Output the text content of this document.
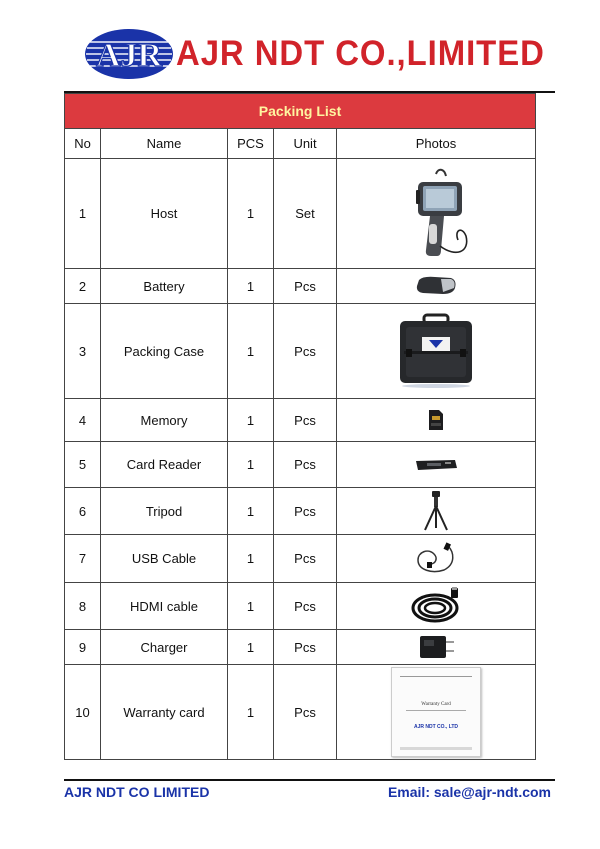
AJR AJR NDT CO.,LIMITED
Packing List				
No	Name	PCS	Unit	Photos
1	Host	1	Set	

2	Battery	1	Pcs	

3	Packing Case	1	Pcs	

4	Memory	1	Pcs	

5	Card Reader	1	Pcs	

6	Tripod	1	Pcs	

7	USB Cable	1	Pcs	

8	HDMI cable	1	Pcs	

9	Charger	1	Pcs	

10	Warranty card	1	Pcs	Warranty Card
AJR NDT CO., LTD
AJR NDT CO LIMITED	Email: sale@ajr-ndt.com
